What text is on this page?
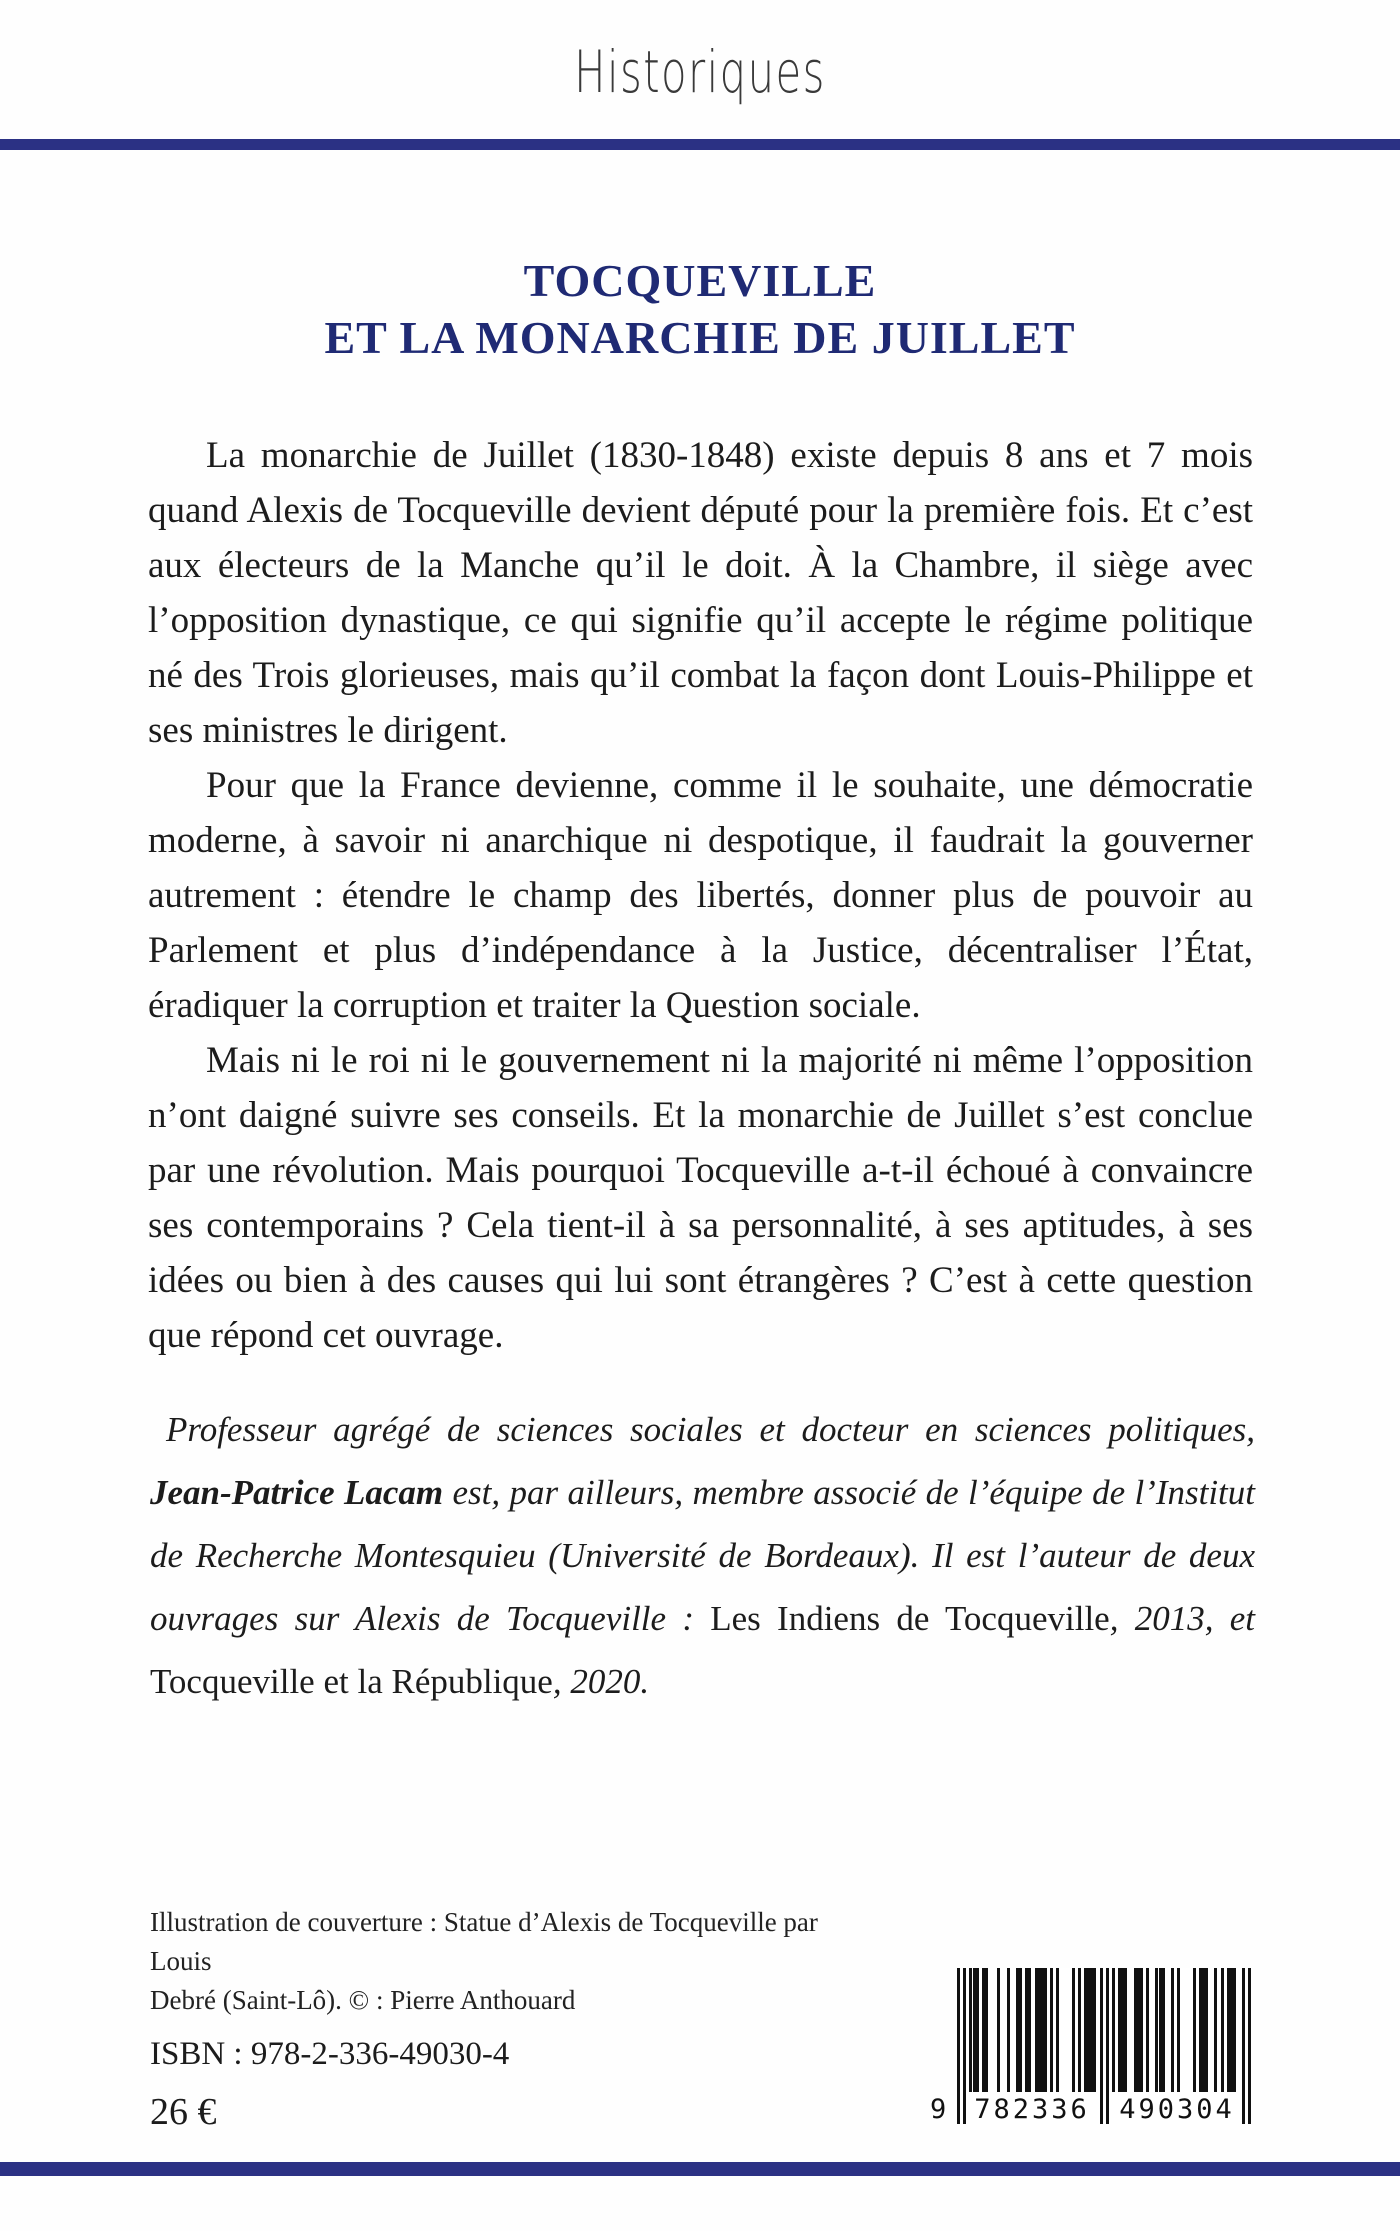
Historiques
TOCQUEVILLE
ET LA MONARCHIE DE JUILLET

La monarchie de Juillet (1830-1848) existe depuis 8 ans et 7 mois quand Alexis de Tocqueville devient député pour la première fois. Et c’est aux électeurs de la Manche qu’il le doit. À la Chambre, il siège avec l’opposition dynastique, ce qui signifie qu’il accepte le régime politique né des Trois glorieuses, mais qu’il combat la façon dont Louis-Philippe et ses ministres le dirigent.

Pour que la France devienne, comme il le souhaite, une démocratie moderne, à savoir ni anarchique ni despotique, il faudrait la gouverner autrement : étendre le champ des libertés, donner plus de pouvoir au Parlement et plus d’indépendance à la Justice, décentraliser l’État, éradiquer la corruption et traiter la Question sociale.

Mais ni le roi ni le gouvernement ni la majorité ni même l’opposition n’ont daigné suivre ses conseils. Et la monarchie de Juillet s’est conclue par une révolution. Mais pourquoi Tocqueville a-t-il échoué à convaincre ses contemporains ? Cela tient-il à sa personnalité, à ses aptitudes, à ses idées ou bien à des causes qui lui sont étrangères ? C’est à cette question que répond cet ouvrage.

Professeur agrégé de sciences sociales et docteur en sciences politiques, Jean-Patrice Lacam est, par ailleurs, membre associé de l’équipe de l’Institut de Recherche Montesquieu (Université de Bordeaux). Il est l’auteur de deux ouvrages sur Alexis de Tocqueville : Les Indiens de Tocqueville, 2013, et Tocqueville et la République, 2020.
Illustration de couverture : Statue d’Alexis de Tocqueville par Louis
Debré (Saint-Lô). © : Pierre Anthouard
ISBN : 978-2-336-49030-4
26 €	9 782336 490304
